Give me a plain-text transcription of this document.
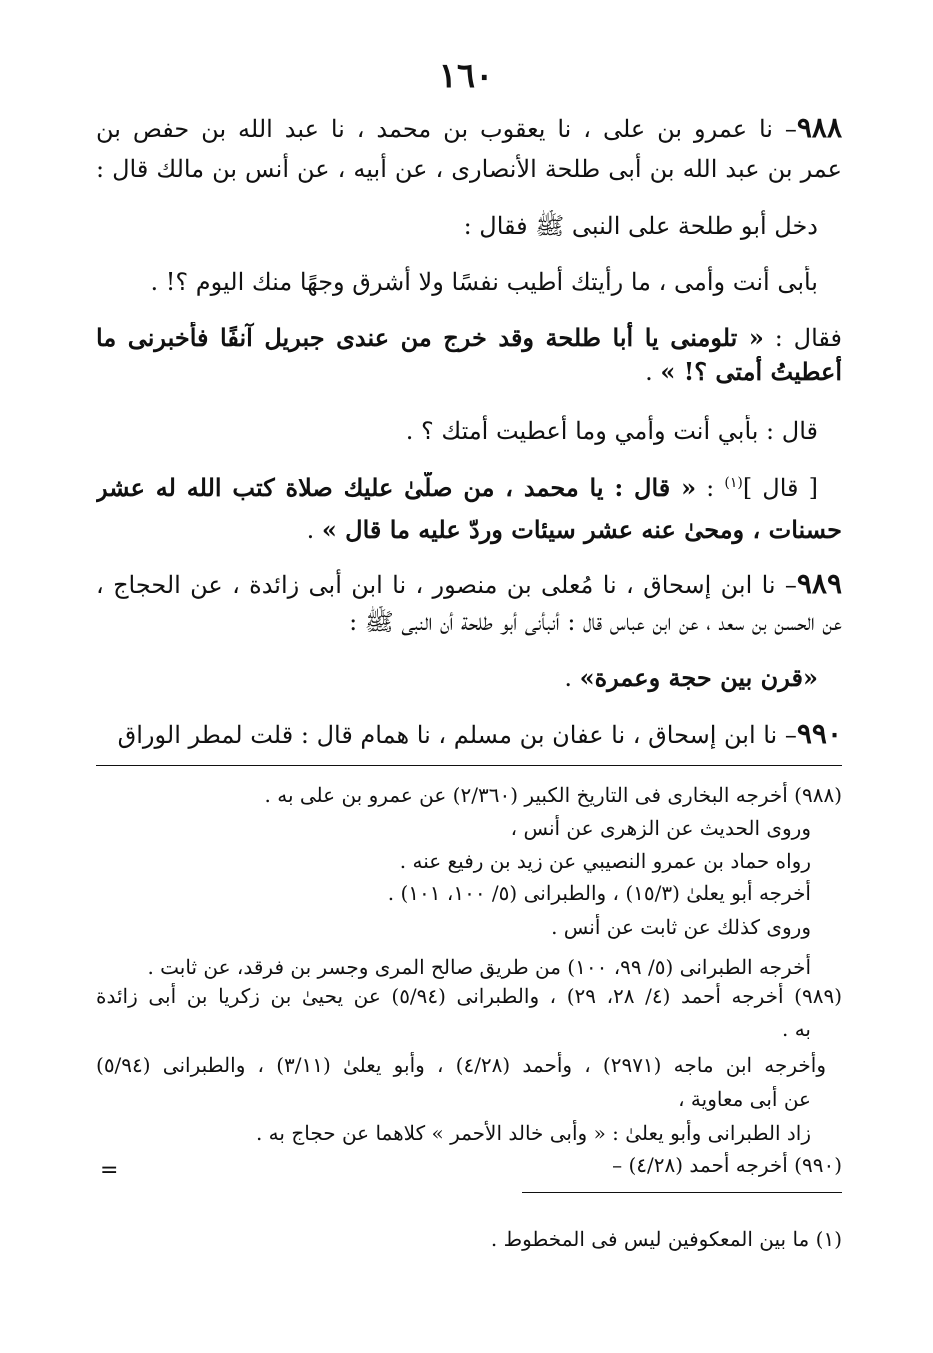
١٦٠
٩٨٨– نا عمرو بن على ، نا يعقوب بن محمد ، نا عبد الله بن حفص بن
عمر بن عبد الله بن أبى طلحة الأنصارى ، عن أبيه ، عن أنس بن مالك قال :
دخل أبو طلحة على النبى ﷺ فقال :
بأبى أنت وأمى ، ما رأيتك أطيب نفسًا ولا أشرق وجهًا منك اليوم ؟! .
فقال : « تلومنى يا أبا طلحة وقد خرج من عندى جبريل آنفًا فأخبرنى ما
أُعطيتُ أمتى ؟! » .
قال : بأبي أنت وأمي وما أعطيت أمتك ؟ .
[ قال ]$^{(١)}$ : « قال : يا محمد ، من صلَّىٰ عليك صلاة كتب الله له عشر
حسنات ، ومحىٰ عنه عشر سيئات وردّ عليه ما قال » .
٩٨٩– نا ابن إسحاق ، نا مُعلى بن منصور ، نا ابن أبى زائدة ، عن الحجاج ،
عن الحسن بن سعد ، عن ابن عباس قال : أنبأنى أبو طلحة أن النبى ﷺ :
«قرن بين حجة وعمرة» .
٩٩٠– نا ابن إسحاق ، نا عفان بن مسلم ، نا همام قال : قلت لمطر الوراق
(٩٨٨) أخرجه البخارى فى التاريخ الكبير (٢/٣٦٠) عن عمرو بن على به .
وروى الحديث عن الزهرى عن أنس ،
رواه حماد بن عمرو النصيبي عن زيد بن رفيع عنه .
أخرجه أبو يعلىٰ (١٥/٣) ، والطبرانى (٥/ ١٠٠، ١٠١) .
وروى كذلك عن ثابت عن أنس .
أخرجه الطبرانى (٥/ ٩٩، ١٠٠) من طريق صالح المرى وجسر بن فرقد، عن ثابت .
(٩٨٩) أخرجه أحمد (٤/ ٢٨، ٢٩) ، والطبرانى (٥/٩٤) عن يحيىٰ بن زكريا بن أبى زائدة
به .
وأخرجه ابن ماجه (٢٩٧١) ، وأحمد (٤/٢٨) ، وأبو يعلىٰ (٣/١١) ، والطبرانى (٥/٩٤)
عن أبى معاوية ،
زاد الطبرانى وأبو يعلىٰ : « وأبى خالد الأحمر » كلاهما عن حجاج به .
(٩٩٠) أخرجه أحمد (٤/٢٨) –
=
(١) ما بين المعكوفين ليس فى المخطوط .
